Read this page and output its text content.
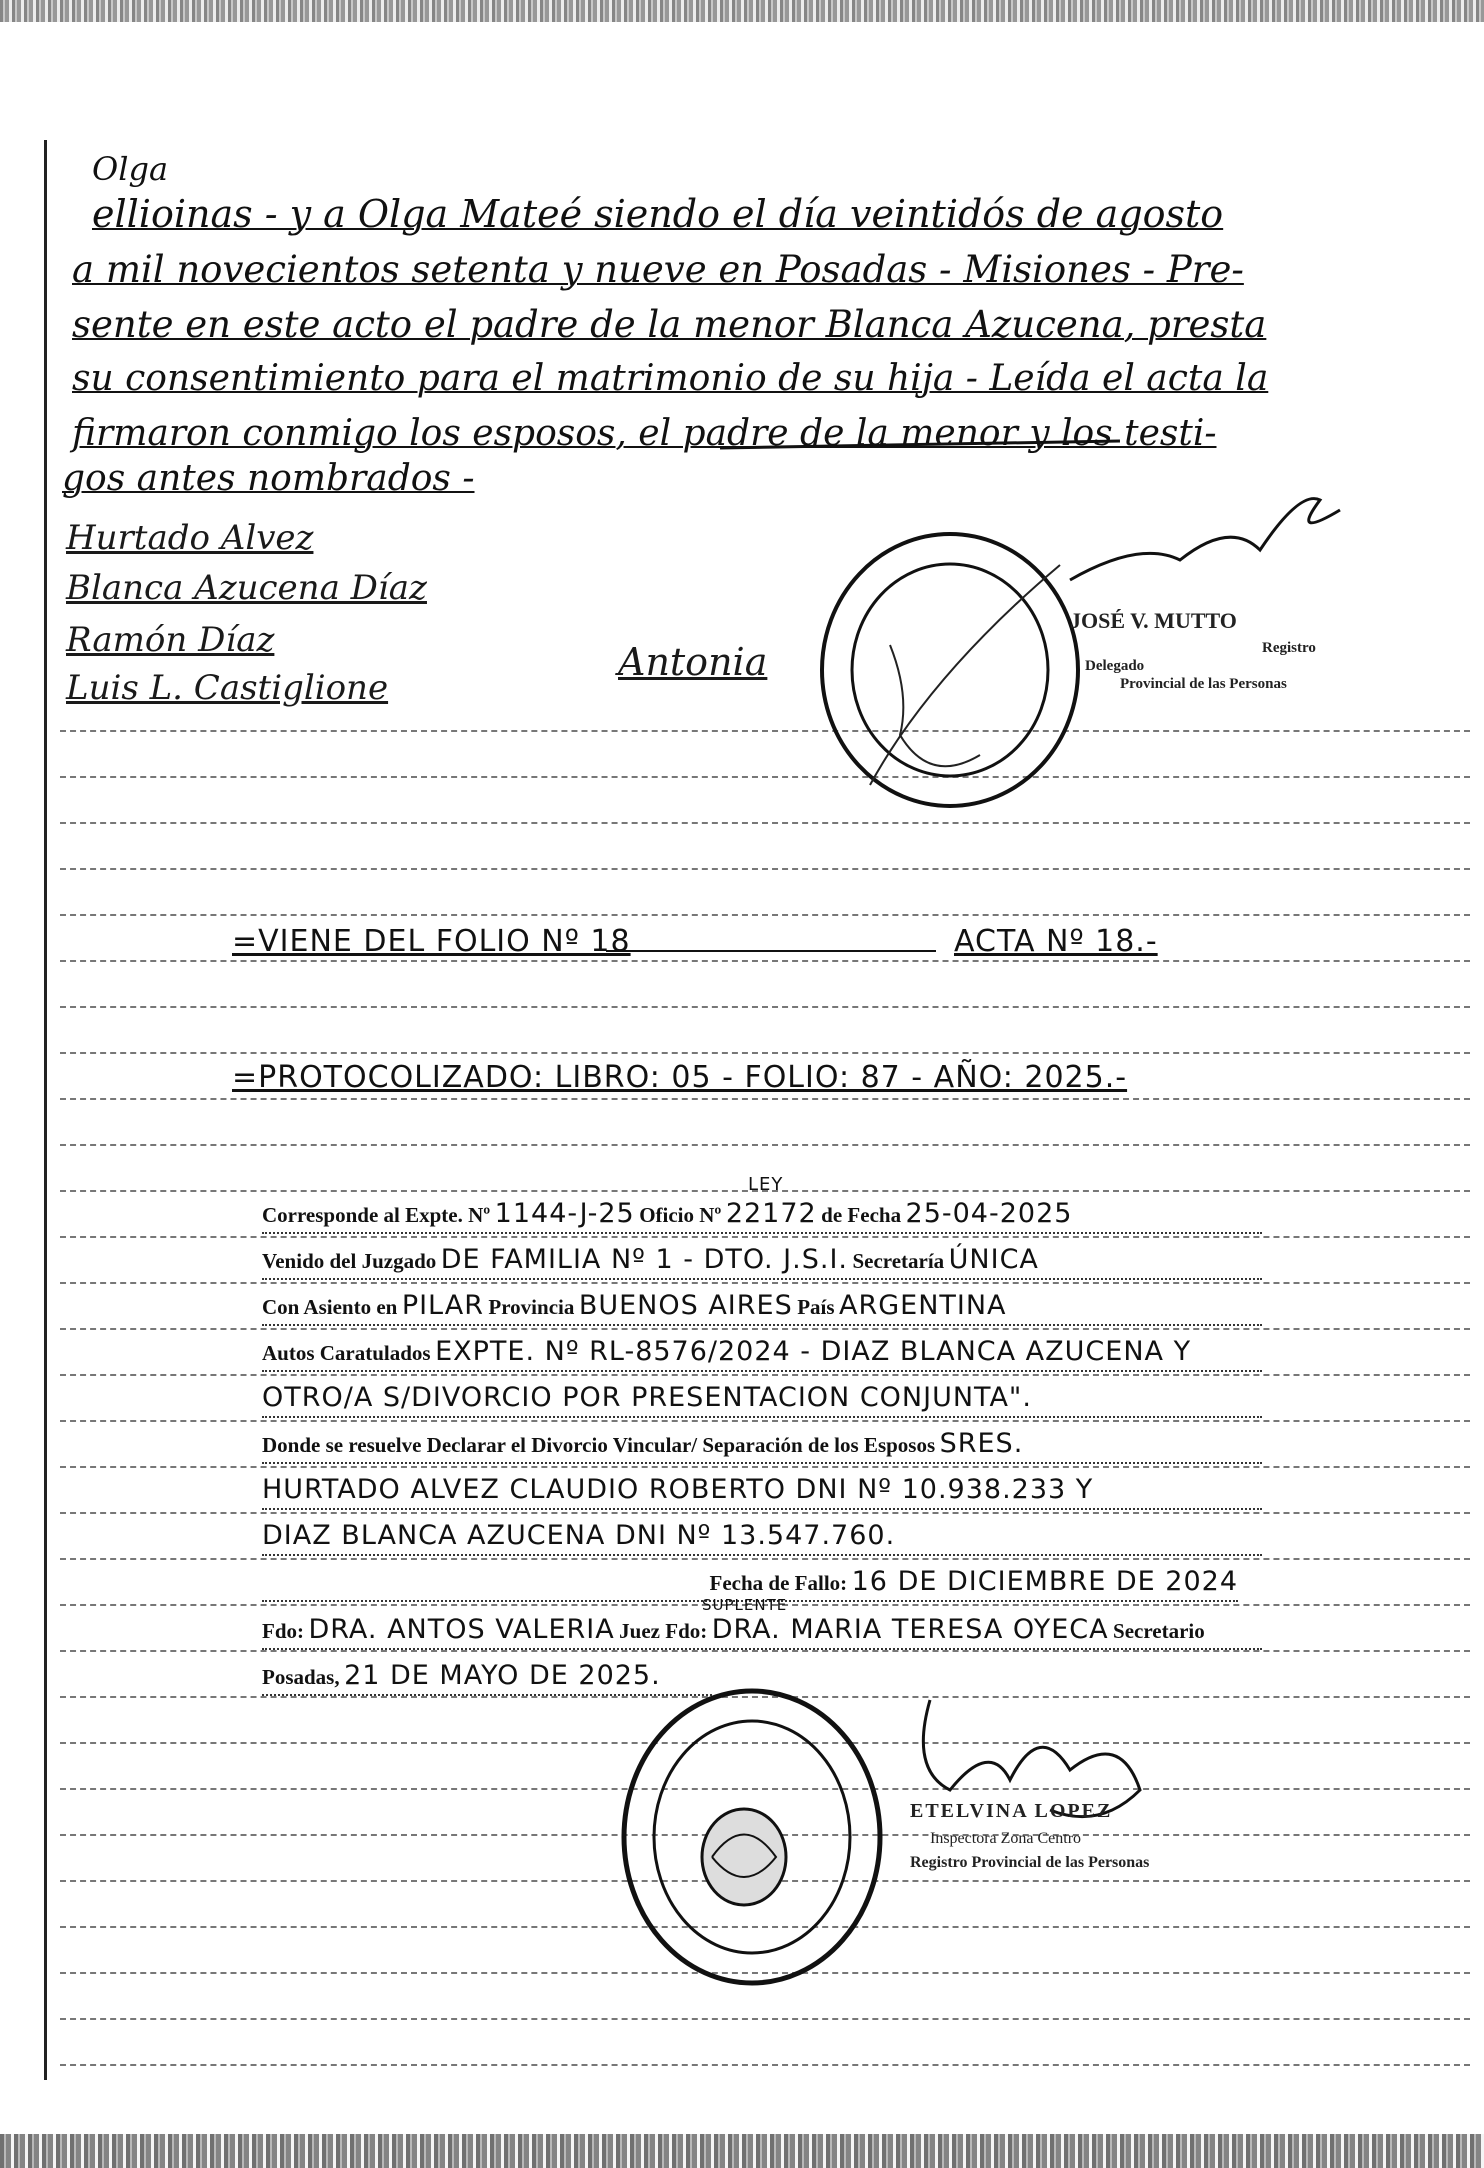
Olga
ellioinas - y a Olga Mateé siendo el día veintidós de agosto
a mil novecientos setenta y nueve en Posadas - Misiones - Pre-
sente en este acto el padre de la menor Blanca Azucena, presta
su consentimiento para el matrimonio de su hija - Leída el acta la
firmaron conmigo los esposos, el padre de la menor y los testi-
gos antes nombrados -
Hurtado Alvez
Blanca Azucena Díaz
Ramón Díaz
Luis L. Castiglione
Antonia
JOSÉ V. MUTTO
Registro
Delegado
Provincial de las Personas
=VIENE DEL FOLIO Nº 18	ACTA Nº 18.-
=PROTOCOLIZADO: LIBRO: 05 - FOLIO: 87 - AÑO: 2025.-
Corresponde al Expte. Nº 1144-J-25 Oficio Nº 22172 de Fecha 25-04-2025
LEY
Venido del Juzgado DE FAMILIA Nº 1 - DTO. J.S.I. Secretaría ÚNICA
Con Asiento en PILAR Provincia BUENOS AIRES País ARGENTINA
Autos Caratulados EXPTE. Nº RL-8576/2024 - DIAZ BLANCA AZUCENA Y
OTRO/A S/DIVORCIO POR PRESENTACION CONJUNTA".
Donde se resuelve Declarar el Divorcio Vincular/ Separación de los Esposos SRES.
HURTADO ALVEZ CLAUDIO ROBERTO DNI Nº 10.938.233 Y
DIAZ BLANCA AZUCENA DNI Nº 13.547.760.
Fecha de Fallo: 16 DE DICIEMBRE DE 2024
Fdo: DRA. ANTOS VALERIA Juez Fdo: DRA. MARIA TERESA OYECA Secretario
SUPLENTE
Posadas, 21 DE MAYO DE 2025.
ETELVINA LOPEZ
Inspectora Zona Centro
Registro Provincial de las Personas
